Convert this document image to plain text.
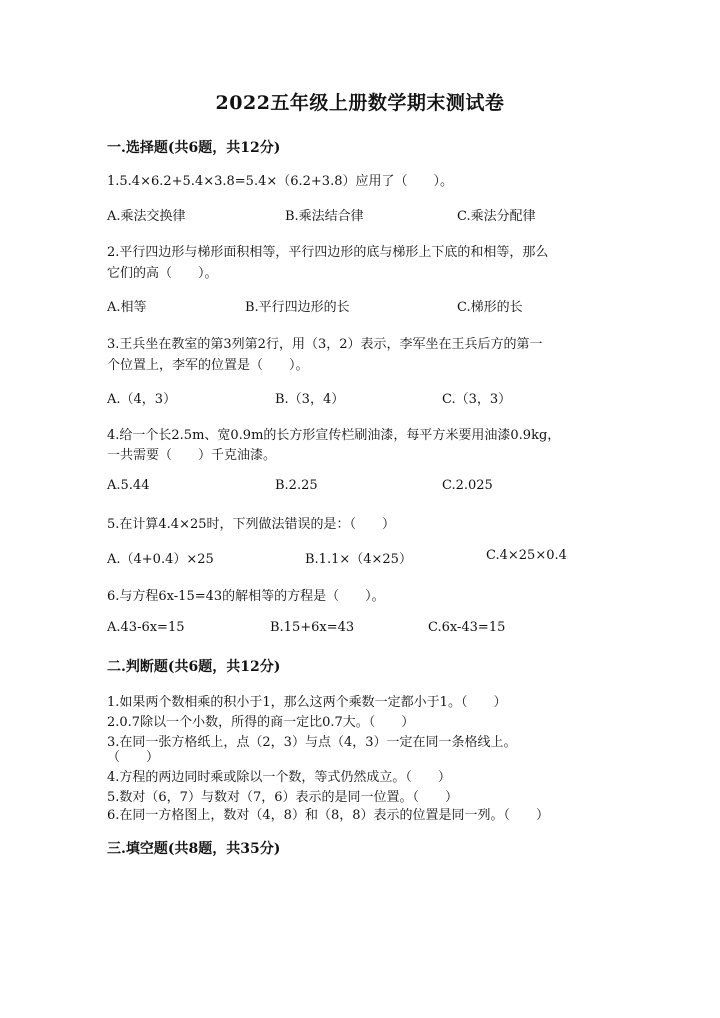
2022五年级上册数学期末测试卷
一.选择题(共6题，共12分)
1.5.4×6.2+5.4×3.8=5.4×（6.2+3.8）应用了（　　）。
A.乘法交换律	B.乘法结合律	C.乘法分配律
2.平行四边形与梯形面积相等，平行四边形的底与梯形上下底的和相等，那么
它们的高（　　）。
A.相等	B.平行四边形的长	C.梯形的长
3.王兵坐在教室的第3列第2行，用（3，2）表示，李军坐在王兵后方的第一
个位置上，李军的位置是（　　）。
A.（4，3）	B.（3，4）	C.（3，3）
4.给一个长2.5m、宽0.9m的长方形宣传栏刷油漆，每平方米要用油漆0.9kg，
一共需要（　　）千克油漆。
A.5.44	B.2.25	C.2.025
5.在计算4.4×25时，下列做法错误的是：（　　）
A.（4+0.4）×25	B.1.1×（4×25）	C.4×25×0.4
6.与方程6x-15=43的解相等的方程是（　　）。
A.43-6x=15	B.15+6x=43	C.6x-43=15
二.判断题(共6题，共12分)
1.如果两个数相乘的积小于1，那么这两个乘数一定都小于1。（　　）
2.0.7除以一个小数，所得的商一定比0.7大。（　　）
3.在同一张方格纸上，点（2，3）与点（4，3）一定在同一条格线上。
（　　）
4.方程的两边同时乘或除以一个数，等式仍然成立。（　　）
5.数对（6，7）与数对（7，6）表示的是同一位置。（　　）
6.在同一方格图上，数对（4，8）和（8，8）表示的位置是同一列。（　　）
三.填空题(共8题，共35分)
